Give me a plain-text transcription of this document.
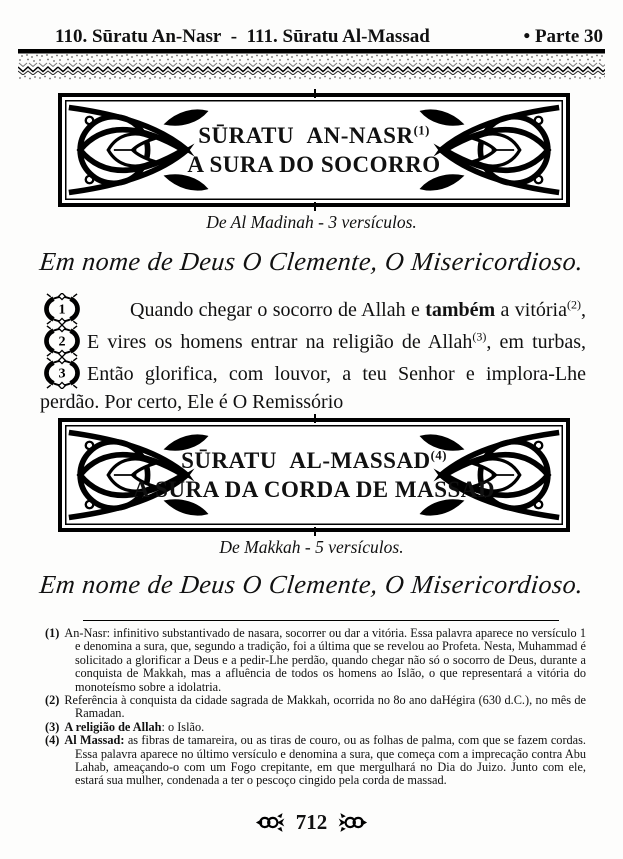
110. Sūratu An-Nasr  -  111. Sūratu Al-Massad	• Parte 30
SŪRATU  AN-NASR$^{(1)}$
A SURA DO SOCORRO
De Al Madinah - 3 versículos.
Em nome de Deus O Clemente, O Misericordioso.

1	Quando chegar o socorro de Allah e também a vitória$^{(2)}$,
2 E vires os homens entrar na religião de Allah$^{(3)}$, em turbas,
3 Então glorifica, com louvor, a teu Senhor e implora-Lhe perdão. Por certo, Ele é O Remissório

SŪRATU  AL-MASSAD$^{(4)}$
A SURA DA CORDA DE MASSAD
De Makkah - 5 versículos.
Em nome de Deus O Clemente, O Misericordioso.
(1) An-Nasr: infinitivo substantivado de nasara, socorrer ou dar a vitória. Essa palavra aparece no versículo 1 e denomina a sura, que, segundo a tradição, foi a última que se revelou ao Profeta. Nesta, Muhammad é solicitado a glorificar a Deus e a pedir-Lhe perdão, quando chegar não só o socorro de Deus, durante a conquista de Makkah, mas a afluência de todos os homens ao Islão, o que representará a vitória do monoteísmo sobre a idolatria.
(2) Referência à conquista da cidade sagrada de Makkah, ocorrida no 8o ano daHégira (630 d.C.), no mês de Ramadan.
(3) A religião de Allah: o Islão.
(4) Al Massad: as fibras de tamareira, ou as tiras de couro, ou as folhas de palma, com que se fazem cordas. Essa palavra aparece no último versículo e denomina a sura, que começa com a imprecação contra Abu Lahab, ameaçando-o com um Fogo crepitante, em que mergulhará no Dia do Juizo. Junto com ele, estará sua mulher, condenada a ter o pescoço cingido pela corda de massad.
712
